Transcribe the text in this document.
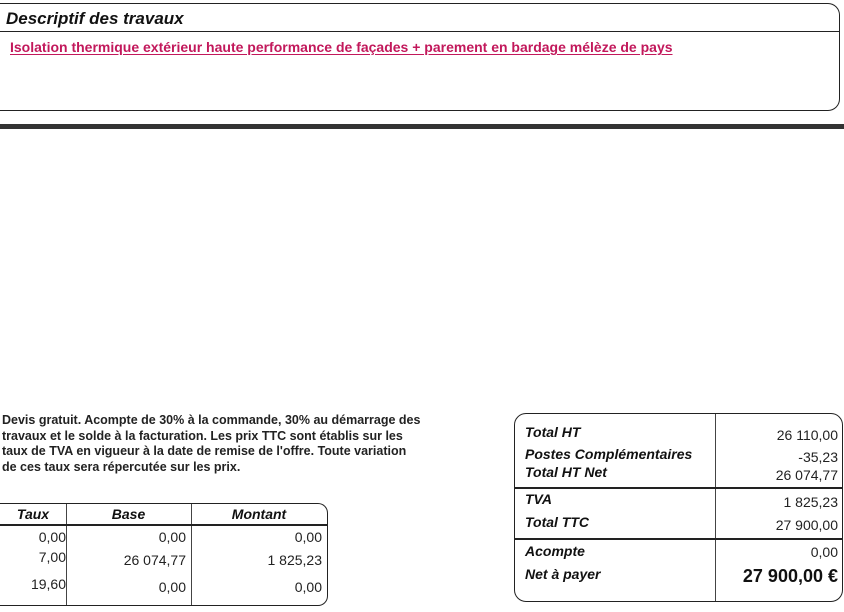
Descriptif des travaux
Isolation thermique extérieur haute performance de façades + parement en bardage mélèze de pays
Devis gratuit. Acompte de 30% à la commande, 30% au démarrage des travaux et le solde à la facturation. Les prix TTC sont établis sur les taux de TVA en vigueur à la date de remise de l'offre. Toute variation de ces taux sera répercutée sur les prix.
Taux	Base	Montant
0,00	0,00	0,00
7,00	26 074,77	1 825,23
19,60	0,00	0,00
Total HT	26 110,00
Postes Complémentaires	-35,23
Total HT Net	26 074,77
TVA	1 825,23
Total TTC	27 900,00
Acompte	0,00
Net à payer	27 900,00 €
